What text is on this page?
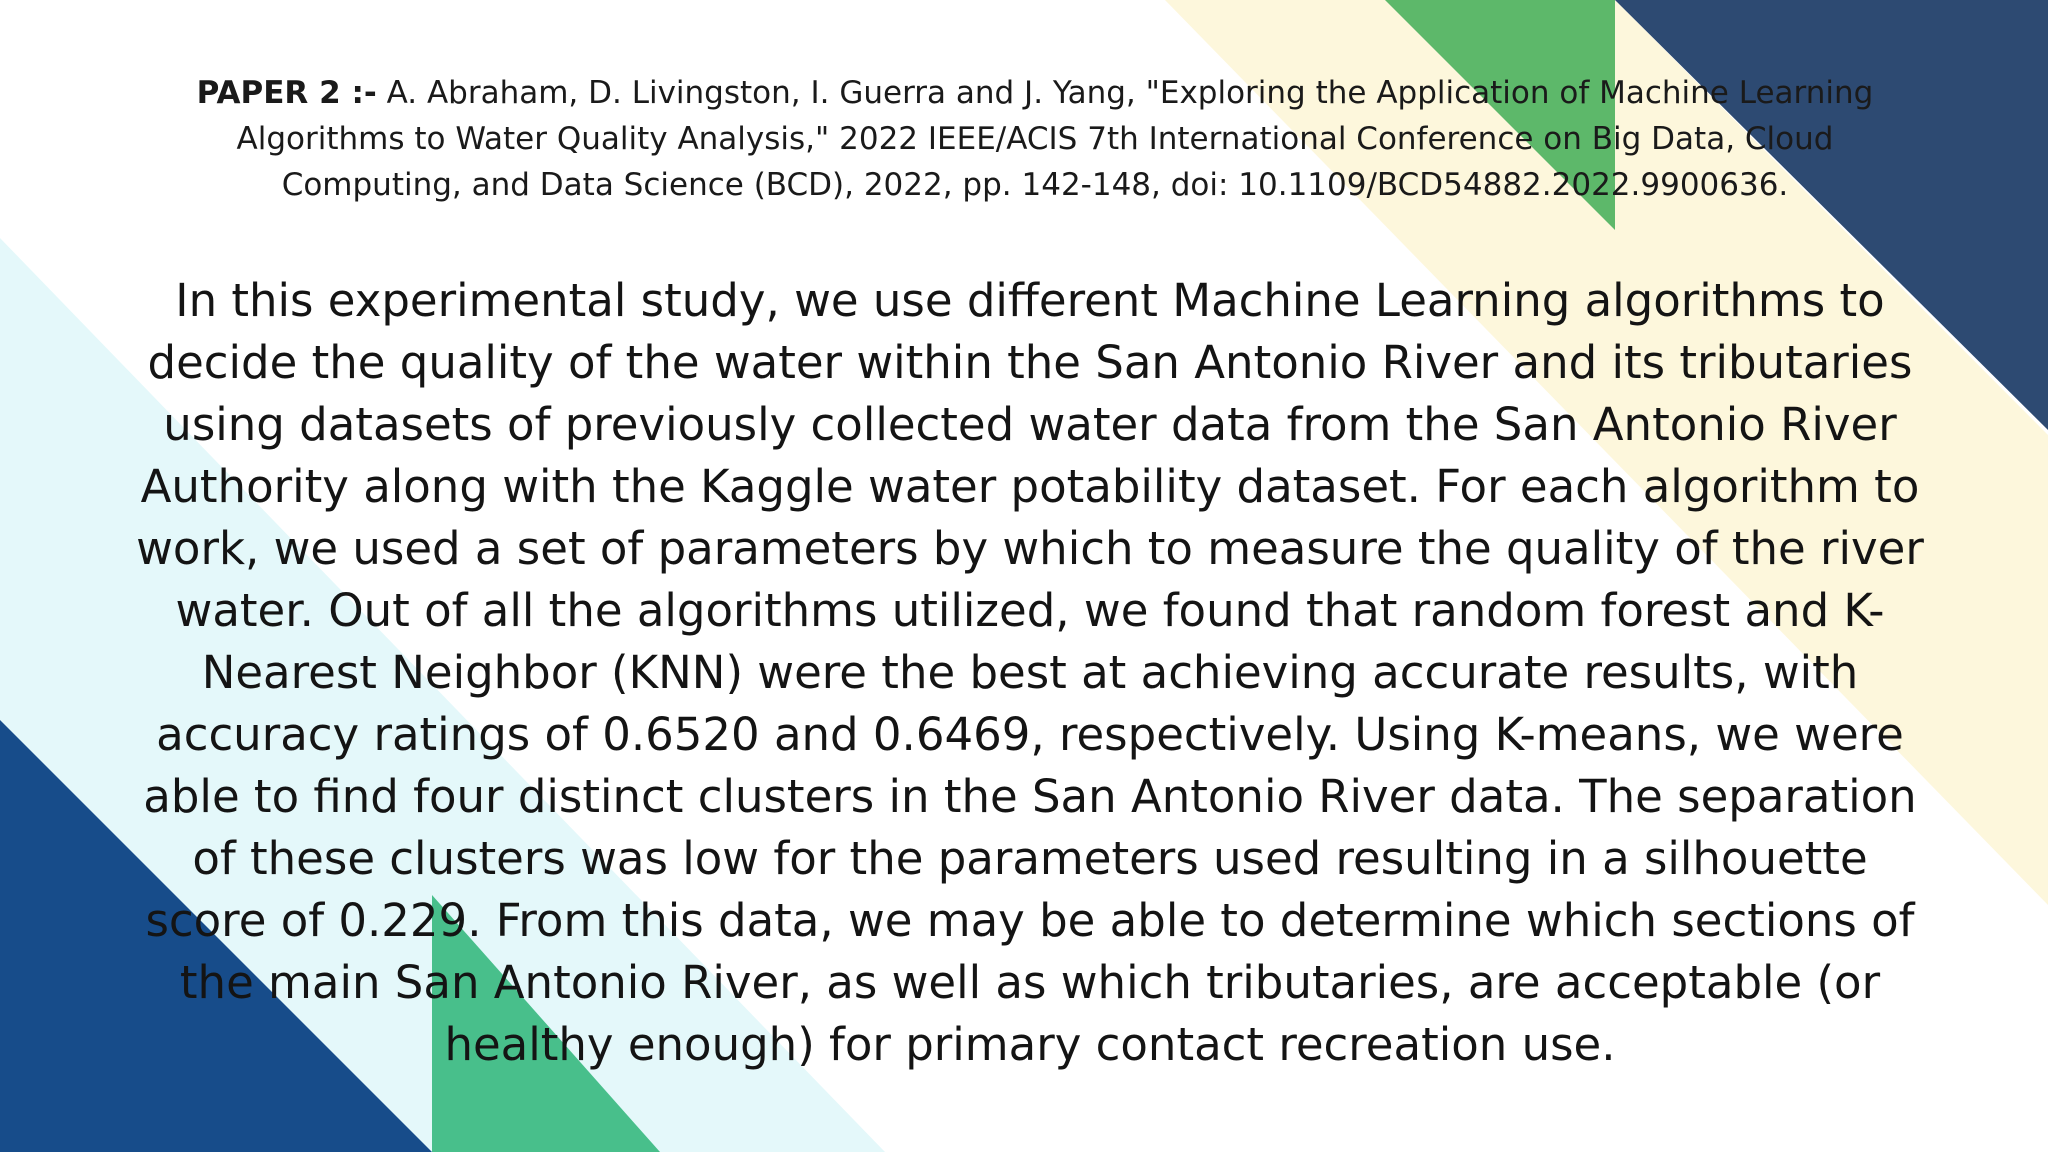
PAPER 2 :- A. Abraham, D. Livingston, I. Guerra and J. Yang, "Exploring the Application of Machine Learning Algorithms to Water Quality Analysis," 2022 IEEE/ACIS 7th International Conference on Big Data, Cloud Computing, and Data Science (BCD), 2022, pp. 142-148, doi: 10.1109/BCD54882.2022.9900636.

In this experimental study, we use different Machine Learning algorithms to decide the quality of the water within the San Antonio River and its tributaries using datasets of previously collected water data from the San Antonio River Authority along with the Kaggle water potability dataset. For each algorithm to work, we used a set of parameters by which to measure the quality of the river water. Out of all the algorithms utilized, we found that random forest and K-Nearest Neighbor (KNN) were the best at achieving accurate results, with accuracy ratings of 0.6520 and 0.6469, respectively. Using K-means, we were able to find four distinct clusters in the San Antonio River data. The separation of these clusters was low for the parameters used resulting in a silhouette score of 0.229. From this data, we may be able to determine which sections of the main San Antonio River, as well as which tributaries, are acceptable (or healthy enough) for primary contact recreation use.
